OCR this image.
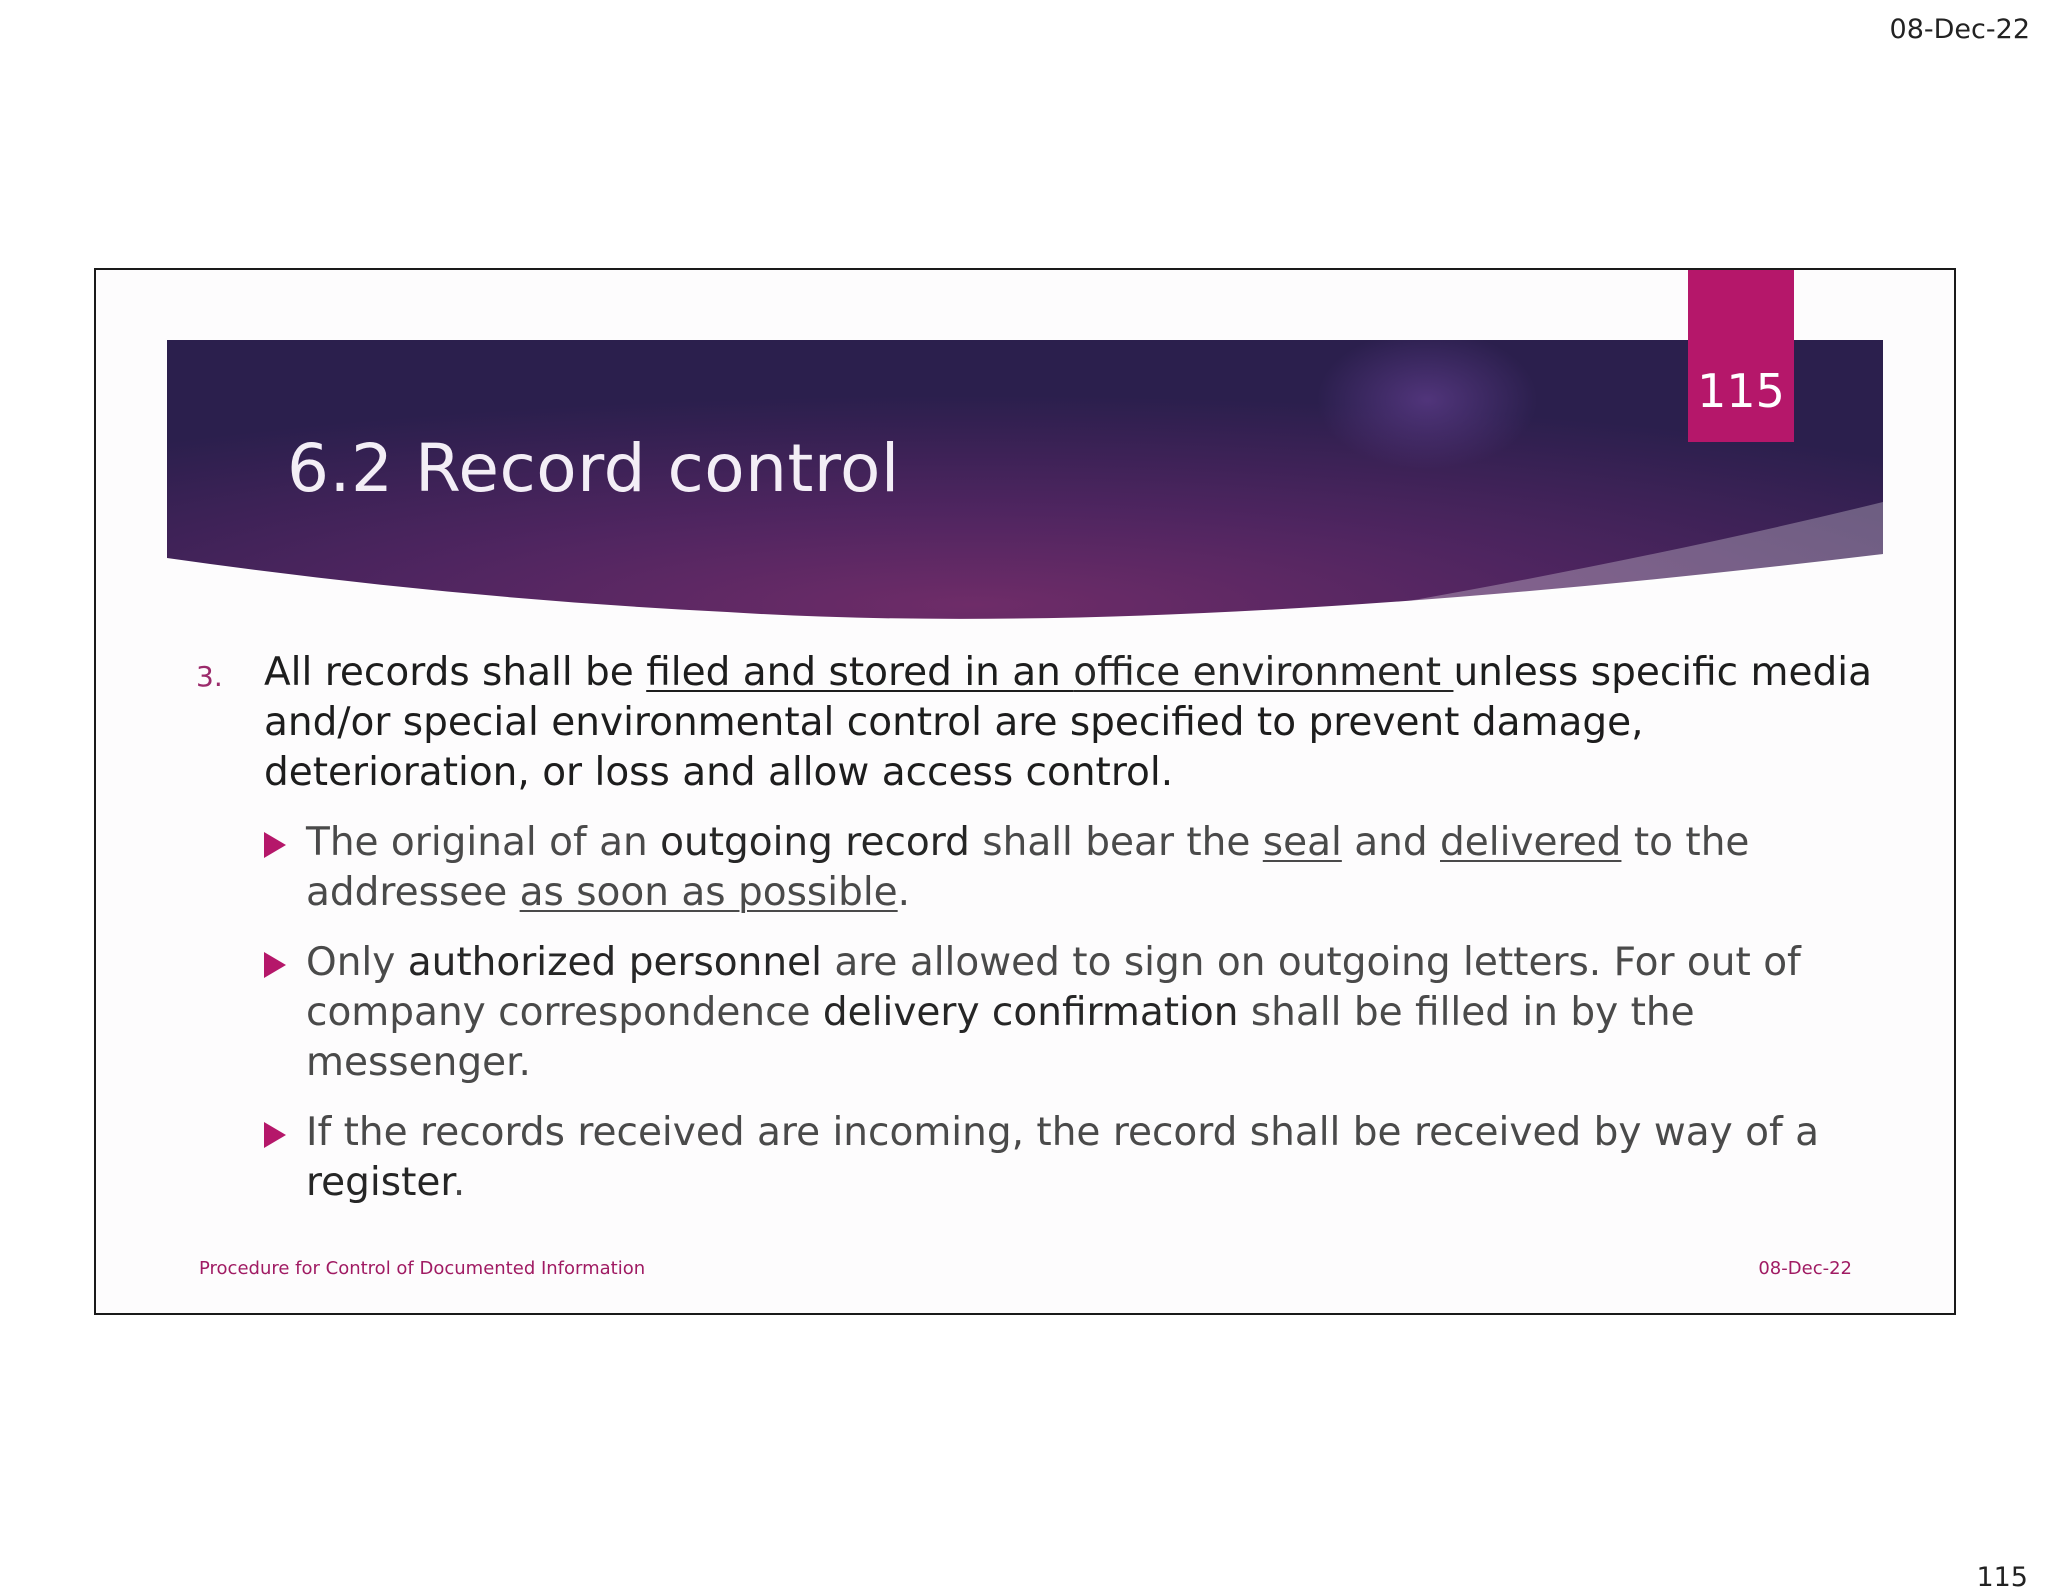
08-Dec-22
115
6.2 Record control
3. All records shall be filed and stored in an office environment unless specific media and/or special environmental control are specified to prevent damage, deterioration, or loss and allow access control.
The original of an outgoing record shall bear the seal and delivered to the addressee as soon as possible.
Only authorized personnel are allowed to sign on outgoing letters. For out of company correspondence delivery confirmation shall be filled in by the messenger.
If the records received are incoming, the record shall be received by way of a register.
Procedure for Control of Documented Information	08-Dec-22
115
